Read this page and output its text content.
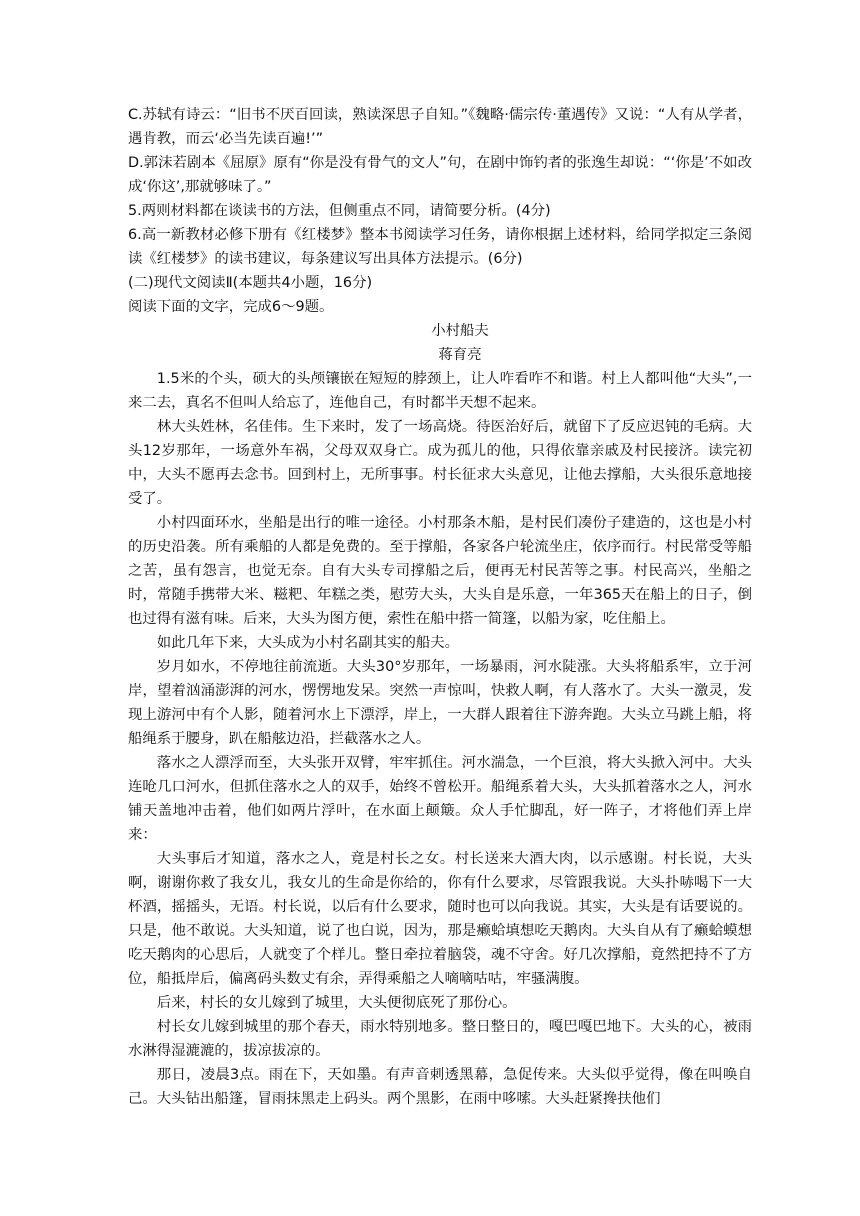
C.苏轼有诗云：“旧书不厌百回读，熟读深思子自知。”《魏略·儒宗传·董遇传》又说：“人有从学者，遇肯教，而云‘必当先读百遍!’”

D.郭沫若剧本《屈原》原有“你是没有骨气的文人”句，在剧中饰钓者的张逸生却说：“‘你是’不如改成‘你这’,那就够味了。”

5.两则材料都在谈读书的方法，但侧重点不同，请简要分析。(4分)

6.高一新教材必修下册有《红楼梦》整本书阅读学习任务，请你根据上述材料，给同学拟定三条阅读《红楼梦》的读书建议，每条建议写出具体方法提示。(6分)

(二)现代文阅读Ⅱ(本题共4小题，16分)

阅读下面的文字，完成6～9题。

小村船夫

蒋育亮

1.5米的个头，硕大的头颅镶嵌在短短的脖颈上，让人咋看咋不和谐。村上人都叫他“大头”,一来二去，真名不但叫人给忘了，连他自己，有时都半天想不起来。

林大头姓林，名佳伟。生下来时，发了一场高烧。待医治好后，就留下了反应迟钝的毛病。大头12岁那年，一场意外车祸，父母双双身亡。成为孤儿的他，只得依靠亲戚及村民接济。读完初中，大头不愿再去念书。回到村上，无所事事。村长征求大头意见，让他去撑船，大头很乐意地接受了。

小村四面环水，坐船是出行的唯一途径。小村那条木船，是村民们凑份子建造的，这也是小村的历史沿袭。所有乘船的人都是免费的。至于撑船，各家各户轮流坐庄，依序而行。村民常受等船之苦，虽有怨言，也觉无奈。自有大头专司撑船之后，便再无村民苦等之事。村民高兴，坐船之时，常随手携带大米、糍粑、年糕之类，慰劳大头，大头自是乐意，一年365天在船上的日子，倒也过得有滋有味。后来，大头为图方便，索性在船中搭一简篷，以船为家，吃住船上。

如此几年下来，大头成为小村名副其实的船夫。

岁月如水，不停地往前流逝。大头30°岁那年，一场暴雨，河水陡涨。大头将船系牢，立于河岸，望着汹涌澎湃的河水，愣愣地发呆。突然一声惊叫，快救人啊，有人落水了。大头一激灵，发现上游河中有个人影，随着河水上下漂浮，岸上，一大群人跟着往下游奔跑。大头立马跳上船，将船绳系于腰身，趴在船舷边沿，拦截落水之人。

落水之人漂浮而至，大头张开双臂，牢牢抓住。河水湍急，一个巨浪，将大头掀入河中。大头连呛几口河水，但抓住落水之人的双手，始终不曾松开。船绳系着大头，大头抓着落水之人，河水铺天盖地冲击着，他们如两片浮叶，在水面上颠簸。众人手忙脚乱，好一阵子，才将他们弄上岸来：

大头事后才知道，落水之人，竟是村长之女。村长送来大酒大肉，以示感谢。村长说，大头啊，谢谢你救了我女儿，我女儿的生命是你给的，你有什么要求，尽管跟我说。大头扑哧喝下一大杯酒，摇摇头，无语。村长说，以后有什么要求，随时也可以向我说。其实，大头是有话要说的。只是，他不敢说。大头知道，说了也白说，因为，那是癞蛤填想吃天鹅肉。大头自从有了癞蛤蟆想吃天鹅肉的心思后，人就变了个样儿。整日牵拉着脑袋，魂不守舍。好几次撑船，竟然把持不了方位，船抵岸后，偏离码头数丈有余，弄得乘船之人嘀嘀咕咕，牢骚满腹。

后来，村长的女儿嫁到了城里，大头便彻底死了那份心。

村长女儿嫁到城里的那个春天，雨水特别地多。整日整日的，嘎巴嘎巴地下。大头的心，被雨水淋得湿漉漉的，拔凉拔凉的。

那日，凌晨3点。雨在下，天如墨。有声音刺透黑幕，急促传来。大头似乎觉得，像在叫唤自己。大头钻出船篷，冒雨抹黑走上码头。两个黑影，在雨中哆嗦。大头赶紧搀扶他们
